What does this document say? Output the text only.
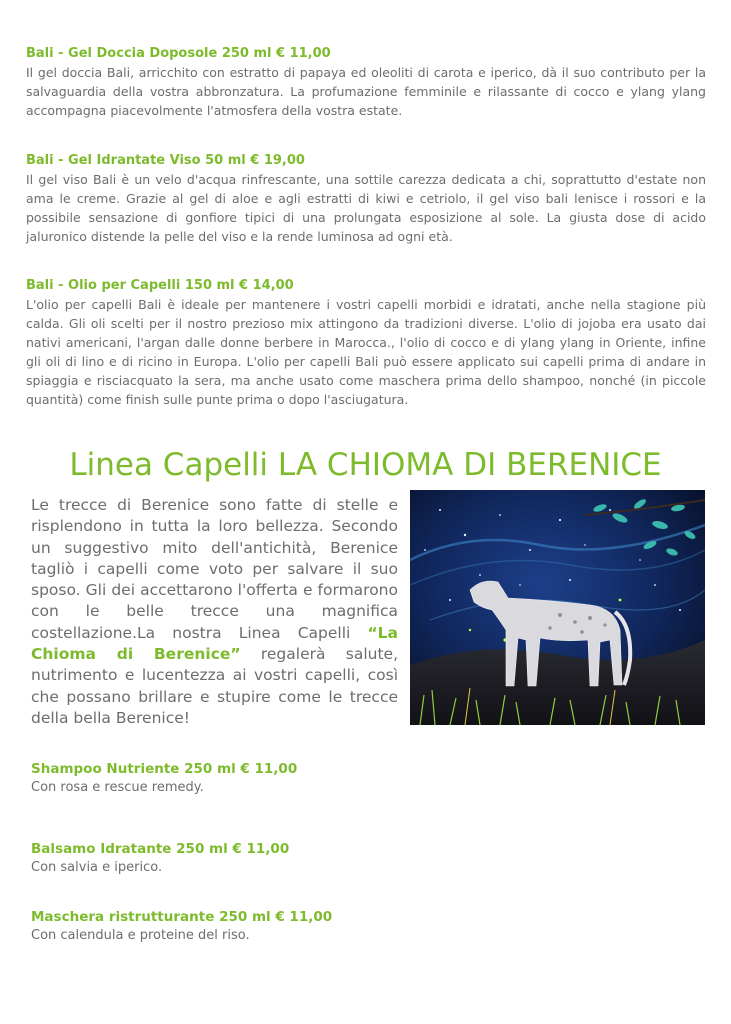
Bali - Gel Doccia Doposole 250 ml € 11,00
Il gel doccia Bali, arricchito con estratto di papaya ed oleoliti di carota e iperico, dà il suo contributo per la salvaguardia della vostra abbronzatura. La profumazione femminile e rilassante di cocco e ylang ylang accompagna piacevolmente l'atmosfera della vostra estate.
Bali - Gel Idrantate Viso 50 ml € 19,00
Il gel viso Bali è un velo d'acqua rinfrescante, una sottile carezza dedicata a chi, soprattutto d'estate non ama le creme. Grazie al gel di aloe e agli estratti di kiwi e cetriolo, il gel viso bali lenisce i rossori e la possibile sensazione di gonfiore tipici di una prolungata esposizione al sole. La giusta dose di acido jaluronico distende la pelle del viso e la rende luminosa ad ogni età.
Bali - Olio per Capelli 150 ml € 14,00
L'olio per capelli Bali è ideale per mantenere i vostri capelli morbidi e idratati, anche nella stagione più calda. Gli oli scelti per il nostro prezioso mix attingono da tradizioni diverse. L'olio di jojoba era usato dai nativi americani, l'argan dalle donne berbere in Marocca., l'olio di cocco e di ylang ylang in Oriente, infine gli oli di lino e di ricino in Europa. L'olio per capelli Bali può essere applicato sui capelli prima di andare in spiaggia e risciacquato la sera, ma anche usato come maschera prima dello shampoo, nonché (in piccole quantità) come finish sulle punte prima o dopo l'asciugatura.
Linea Capelli LA CHIOMA DI BERENICE
Le trecce di Berenice sono fatte di stelle e risplendono in tutta la loro bellezza. Secondo un suggestivo mito dell'antichità, Berenice tagliò i capelli come voto per salvare il suo sposo. Gli dei accettarono l'offerta e formarono con le belle trecce una magnifica costellazione.La nostra Linea Capelli “La Chioma di Berenice” regalerà salute, nutrimento e lucentezza ai vostri capelli, così che possano brillare e stupire come le trecce della bella Berenice!
Shampoo Nutriente 250 ml € 11,00
Con rosa e rescue remedy.
Balsamo Idratante 250 ml € 11,00
Con salvia e iperico.
Maschera ristrutturante 250 ml € 11,00
Con calendula e proteine del riso.
